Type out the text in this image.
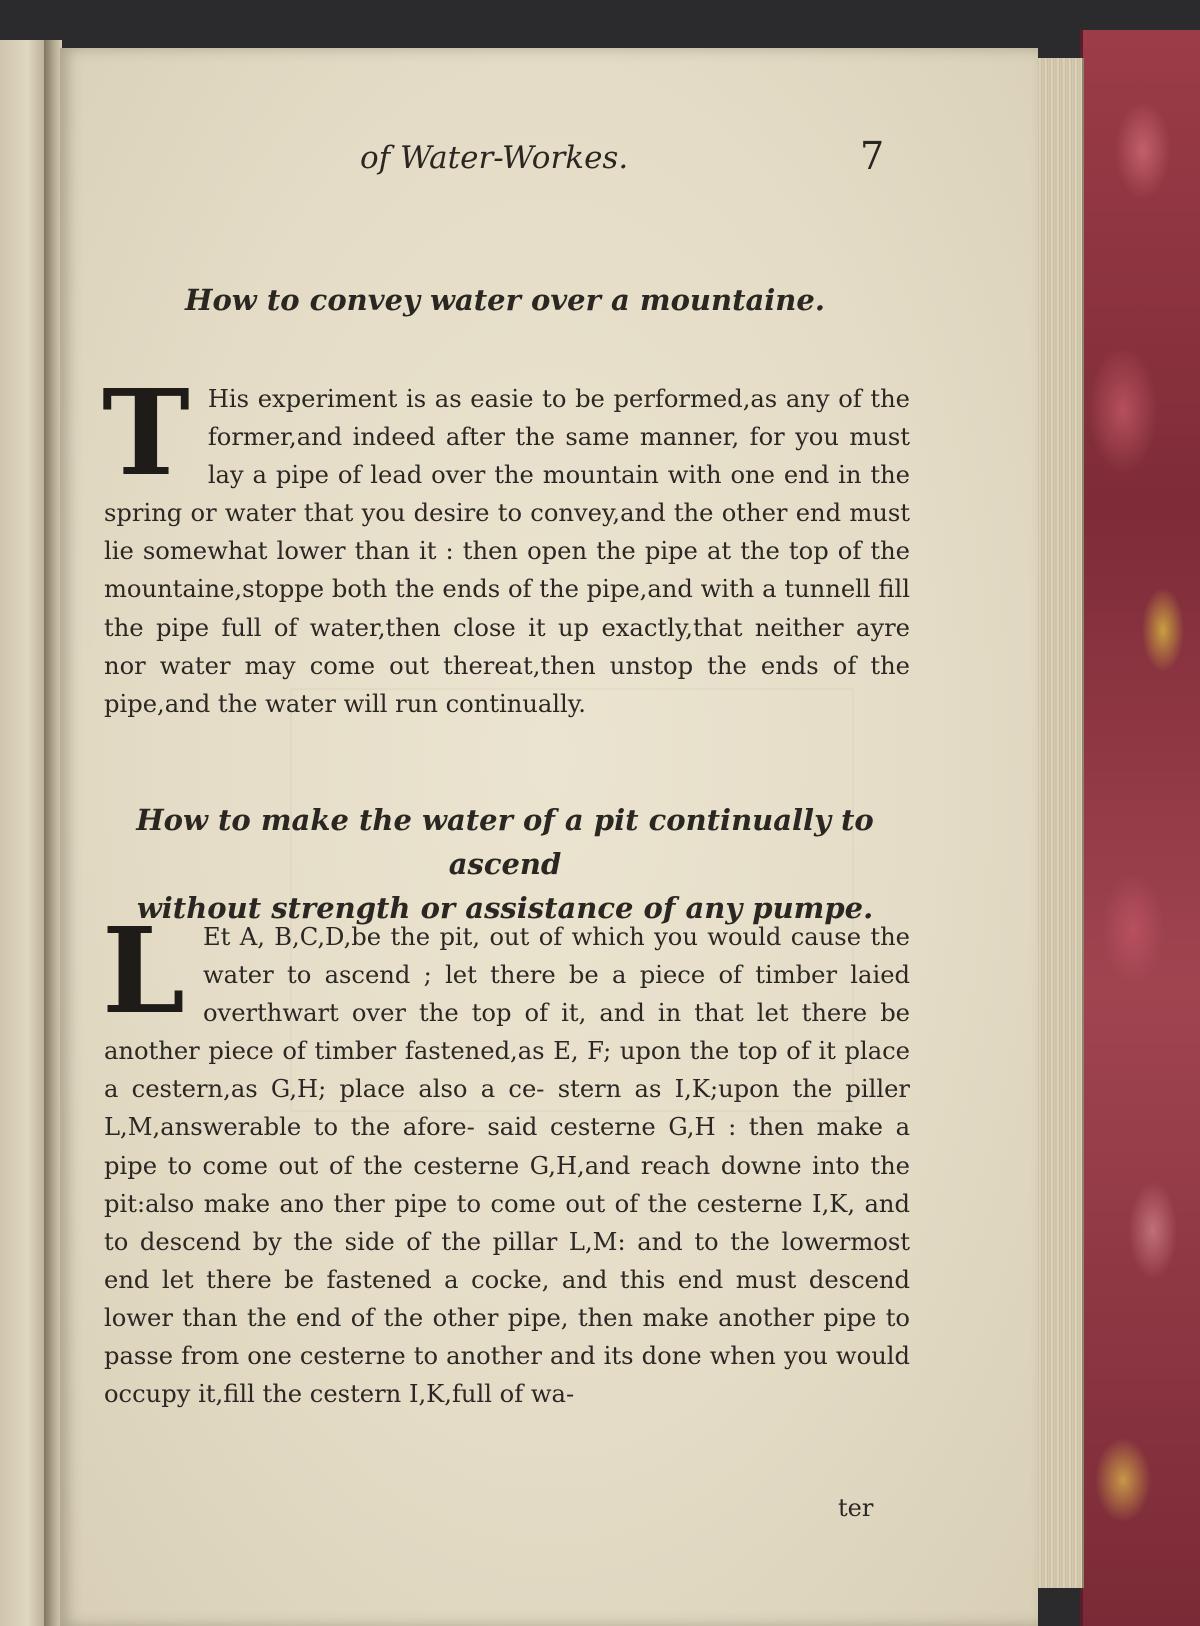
of Water-Workes.	7

How to convey water over a mountaine.

T His experiment is as easie to be performed,as any of the former,and indeed after the same manner, for you must lay a pipe of lead over the mountain with one end in the spring or water that you desire to convey,and the other end must lie somewhat lower than it : then open the pipe at the top of the mountaine,stoppe both the ends of the pipe,and with a tunnell fill the pipe full of water,then close it up exactly,that neither ayre nor water may come out thereat,then unstop the ends of the pipe,and the water will run continually.

How to make the water of a pit continually to ascend

without strength or assistance of any pumpe.

L Et A, B,C,D,be the pit, out of which you would cause the water to ascend ; let there be a piece of timber laied overthwart over the top of it, and in that let there be another piece of timber fastened,as E, F; upon the top of it place a cestern,as G,H; place also a ce- stern as I,K;upon the piller L,M,answerable to the afore- said cesterne G,H : then make a pipe to come out of the cesterne G,H,and reach downe into the pit:also make ano ther pipe to come out of the cesterne I,K, and to descend by the side of the pillar L,M: and to the lowermost end let there be fastened a cocke, and this end must descend lower than the end of the other pipe, then make another pipe to passe from one cesterne to another and its done when you would occupy it,fill the cestern I,K,full of wa-

ter
